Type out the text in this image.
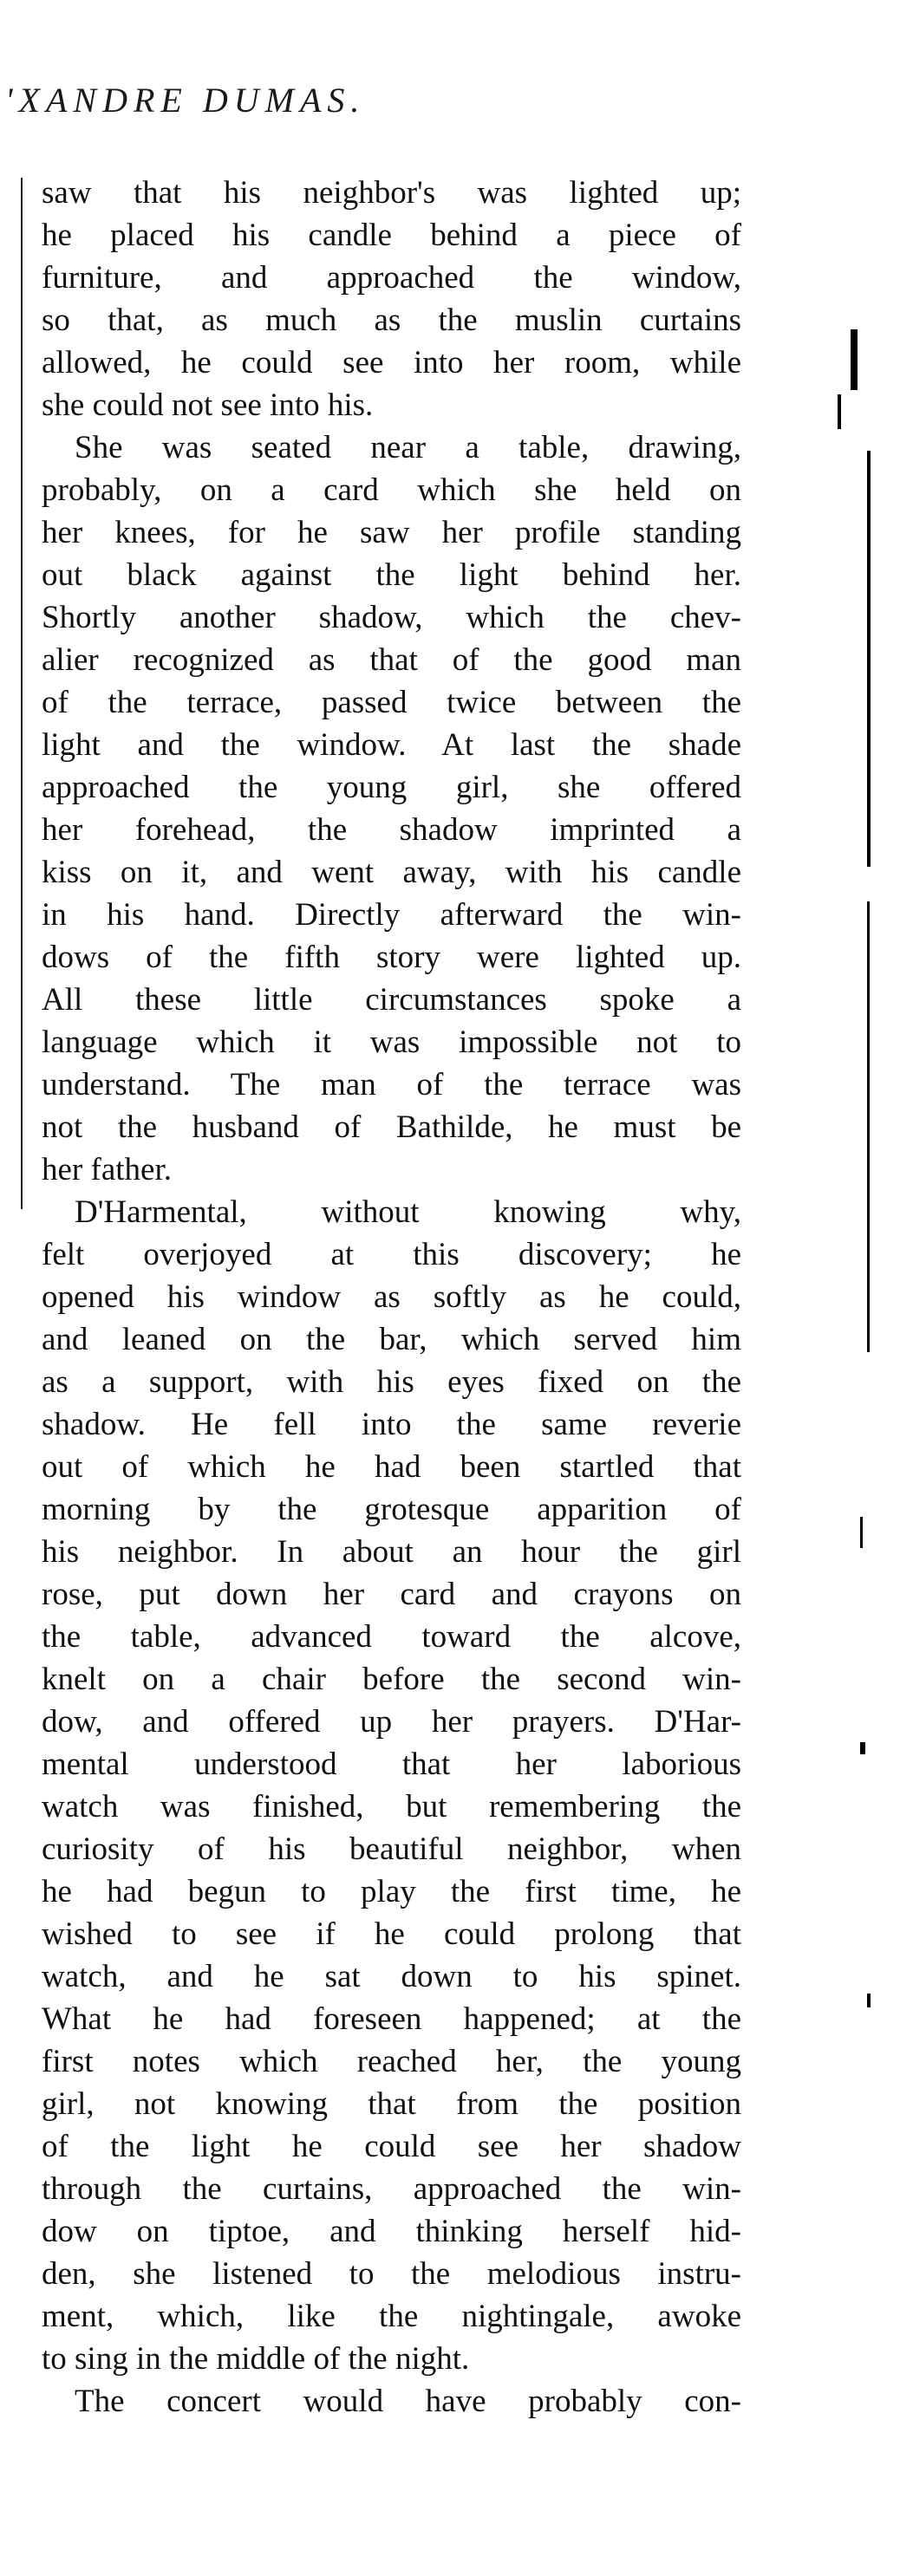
'XANDRE DUMAS.
saw that his neighbor's was lighted up;
he placed his candle behind a piece of
furniture, and approached the window,
so that, as much as the muslin curtains
allowed, he could see into her room, while
she could not see into his.
She was seated near a table, drawing,
probably, on a card which she held on
her knees, for he saw her profile standing
out black against the light behind her.
Shortly another shadow, which the chev-
alier recognized as that of the good man
of the terrace, passed twice between the
light and the window. At last the shade
approached the young girl, she offered
her forehead, the shadow imprinted a
kiss on it, and went away, with his candle
in his hand. Directly afterward the win-
dows of the fifth story were lighted up.
All these little circumstances spoke a
language which it was impossible not to
understand. The man of the terrace was
not the husband of Bathilde, he must be
her father.
D'Harmental, without knowing why,
felt overjoyed at this discovery; he
opened his window as softly as he could,
and leaned on the bar, which served him
as a support, with his eyes fixed on the
shadow. He fell into the same reverie
out of which he had been startled that
morning by the grotesque apparition of
his neighbor. In about an hour the girl
rose, put down her card and crayons on
the table, advanced toward the alcove,
knelt on a chair before the second win-
dow, and offered up her prayers. D'Har-
mental understood that her laborious
watch was finished, but remembering the
curiosity of his beautiful neighbor, when
he had begun to play the first time, he
wished to see if he could prolong that
watch, and he sat down to his spinet.
What he had foreseen happened; at the
first notes which reached her, the young
girl, not knowing that from the position
of the light he could see her shadow
through the curtains, approached the win-
dow on tiptoe, and thinking herself hid-
den, she listened to the melodious instru-
ment, which, like the nightingale, awoke
to sing in the middle of the night.
The concert would have probably con-
